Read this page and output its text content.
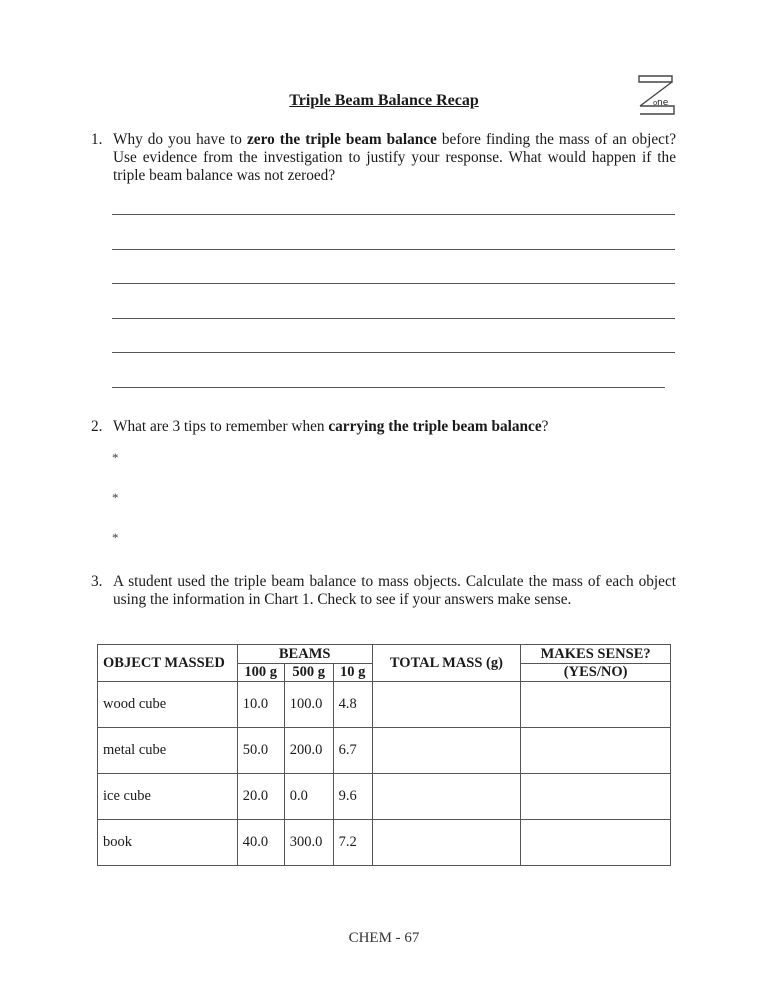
Triple Beam Balance Recap	o ne
1. Why do you have to zero the triple beam balance before finding the mass of an object? Use evidence from the investigation to justify your response. What would happen if the triple beam balance was not zeroed?
2. What are 3 tips to remember when carrying the triple beam balance?
*
*
*
3. A student used the triple beam balance to mass objects. Calculate the mass of each object using the information in Chart 1. Check to see if your answers make sense.
OBJECT MASSED	BEAMS			TOTAL MASS (g)	MAKES SENSE?
	100 g	500 g	10 g		(YES/NO)
wood cube	10.0	100.0	4.8		
metal cube	50.0	200.0	6.7		
ice cube	20.0	0.0	9.6		
book	40.0	300.0	7.2		
CHEM - 67
